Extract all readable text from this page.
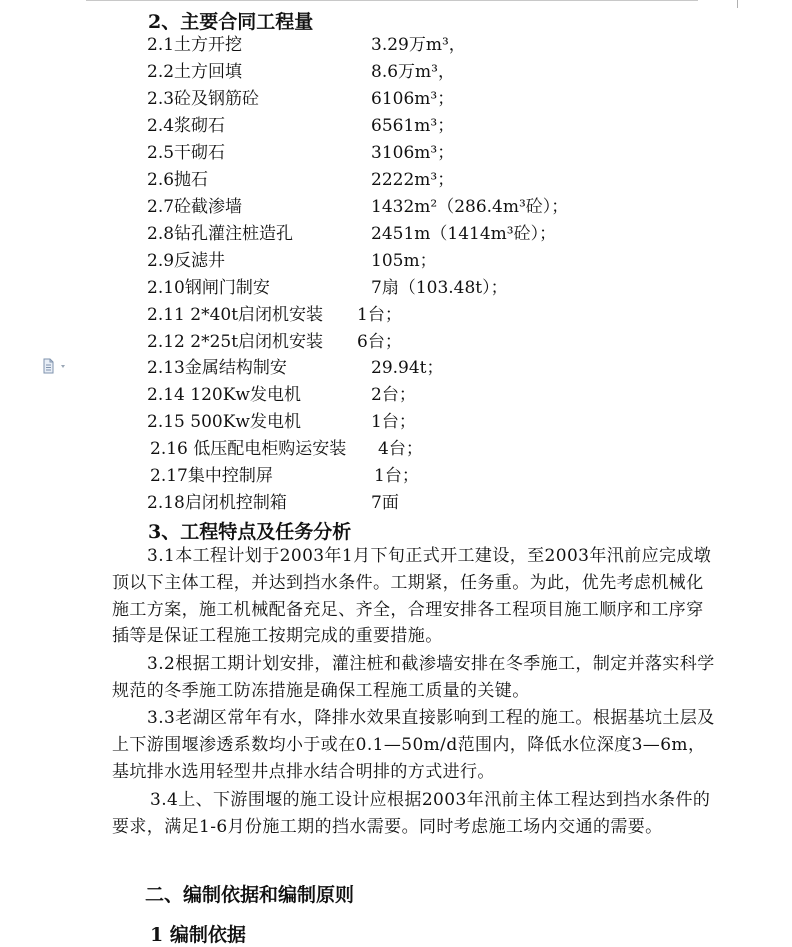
2、主要合同工程量
2.1土方开挖	3.29万m³，
2.2土方回填	8.6万m³，
2.3砼及钢筋砼	6106m³；
2.4浆砌石	6561m³；
2.5干砌石	3106m³；
2.6抛石	2222m³；
2.7砼截渗墙	1432m²（286.4m³砼）；
2.8钻孔灌注桩造孔	2451m（1414m³砼）；
2.9反滤井	105m；
2.10钢闸门制安	7扇（103.48t）；
2.11 2*40t启闭机安装 1台；
2.12 2*25t启闭机安装 6台；
2.13金属结构制安	29.94t；
2.14 120Kw发电机	2台；
2.15 500Kw发电机	1台；
2.16 低压配电柜购运安装 4台；
2.17集中控制屏	1台；
2.18启闭机控制箱	7面
3、工程特点及任务分析

3.1本工程计划于2003年1月下旬正式开工建设，至2003年汛前应完成墩顶以下主体工程，并达到挡水条件。工期紧，任务重。为此，优先考虑机械化施工方案，施工机械配备充足、齐全，合理安排各工程项目施工顺序和工序穿插等是保证工程施工按期完成的重要措施。

3.2根据工期计划安排，灌注桩和截渗墙安排在冬季施工，制定并落实科学规范的冬季施工防冻措施是确保工程施工质量的关键。

3.3老湖区常年有水，降排水效果直接影响到工程的施工。根据基坑土层及上下游围堰渗透系数均小于或在0.1—50m/d范围内，降低水位深度3—6m，基坑排水选用轻型井点排水结合明排的方式进行。

3.4上、下游围堰的施工设计应根据2003年汛前主体工程达到挡水条件的要求，满足1-6月份施工期的挡水需要。同时考虑施工场内交通的需要。

二、编制依据和编制原则
1 编制依据
